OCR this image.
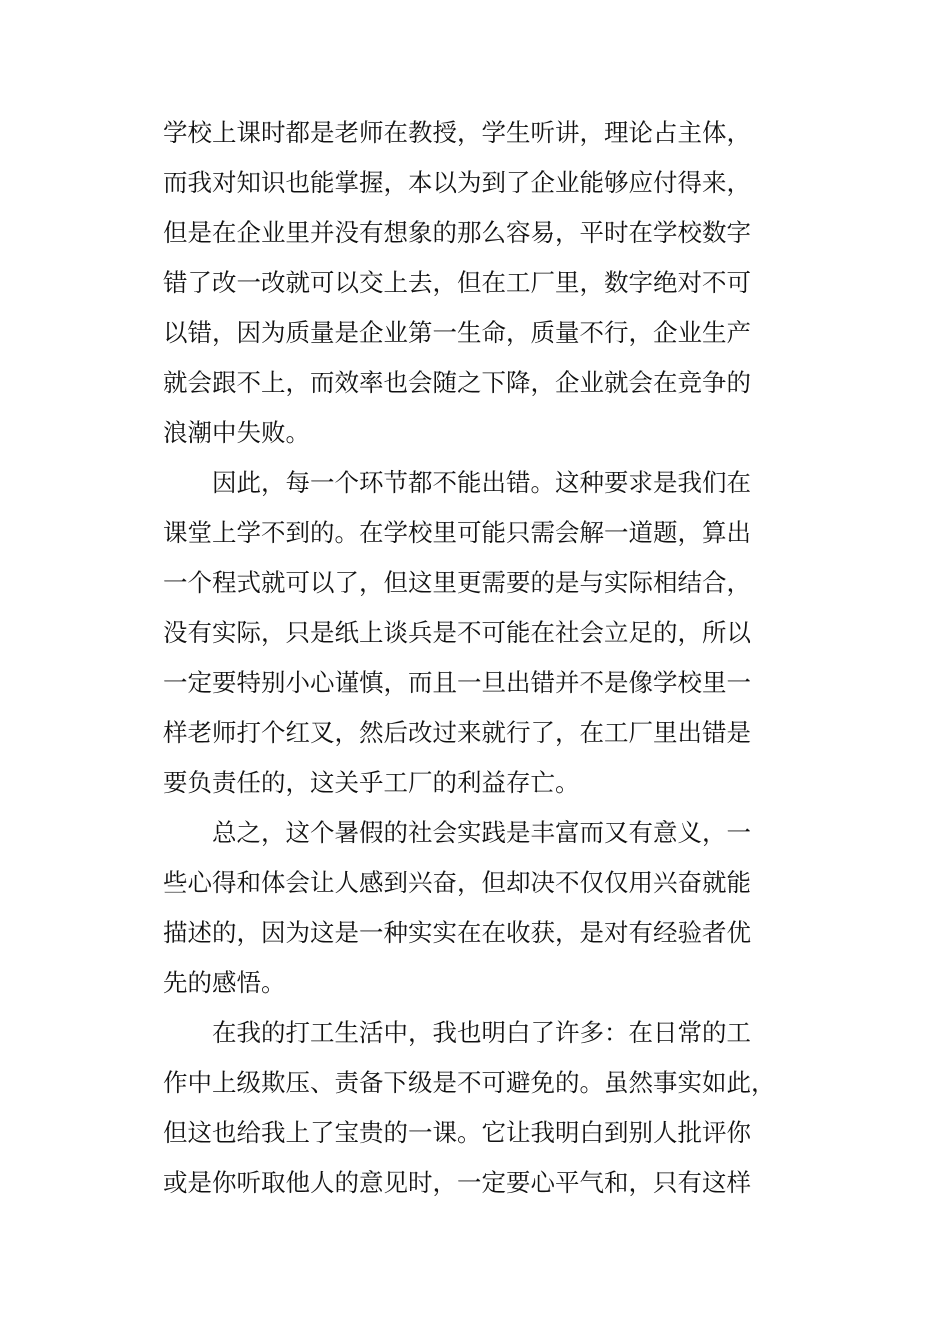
学校上课时都是老师在教授，学生听讲，理论占主体，
而我对知识也能掌握，本以为到了企业能够应付得来，
但是在企业里并没有想象的那么容易，平时在学校数字
错了改一改就可以交上去，但在工厂里，数字绝对不可
以错，因为质量是企业第一生命，质量不行，企业生产
就会跟不上，而效率也会随之下降，企业就会在竞争的
浪潮中失败。
因此，每一个环节都不能出错。这种要求是我们在
课堂上学不到的。在学校里可能只需会解一道题，算出
一个程式就可以了，但这里更需要的是与实际相结合，
没有实际，只是纸上谈兵是不可能在社会立足的，所以
一定要特别小心谨慎，而且一旦出错并不是像学校里一
样老师打个红叉，然后改过来就行了，在工厂里出错是
要负责任的，这关乎工厂的利益存亡。
总之，这个暑假的社会实践是丰富而又有意义，一
些心得和体会让人感到兴奋，但却决不仅仅用兴奋就能
描述的，因为这是一种实实在在收获，是对有经验者优
先的感悟。
在我的打工生活中，我也明白了许多：在日常的工
作中上级欺压、责备下级是不可避免的。虽然事实如此，
但这也给我上了宝贵的一课。它让我明白到别人批评你
或是你听取他人的意见时，一定要心平气和，只有这样
